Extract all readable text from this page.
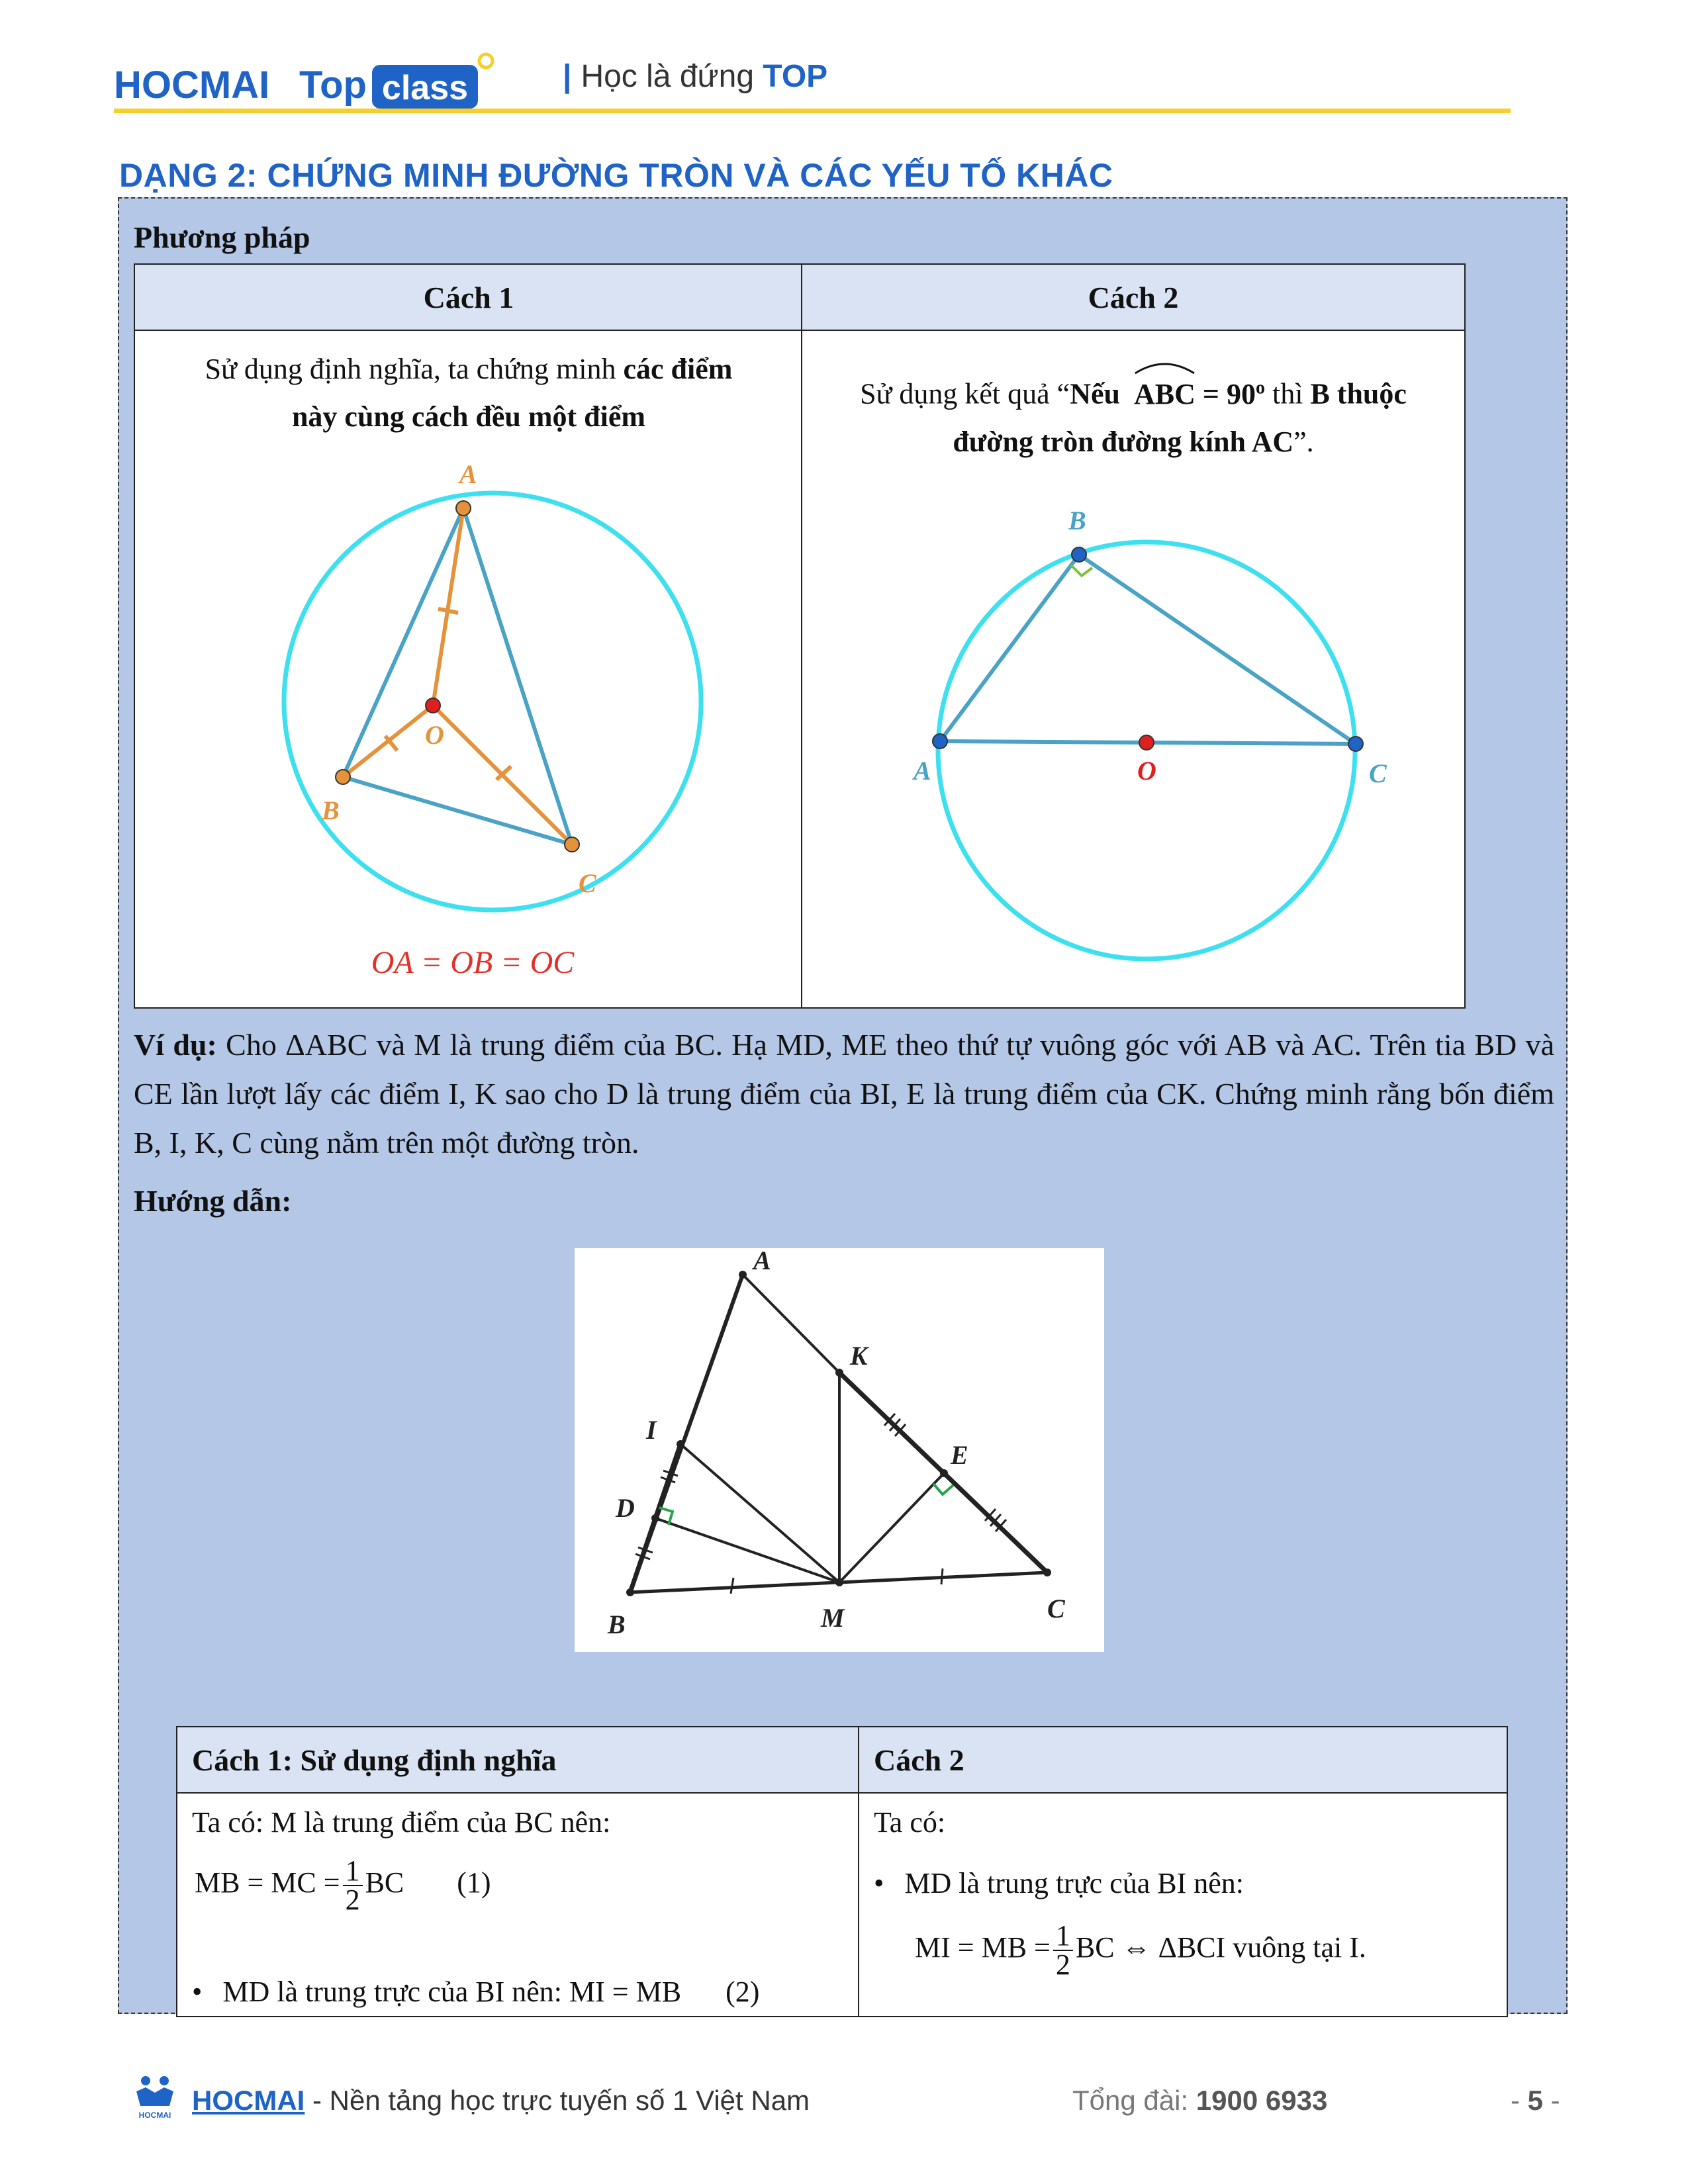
HOCMAI Top class	| Học là đứng TOP
DẠNG 2: CHỨNG MINH ĐƯỜNG TRÒN VÀ CÁC YẾU TỐ KHÁC
Phương pháp
Cách 1	Cách 2
Sử dụng định nghĩa, ta chứng minh các điểm
này cùng cách đều một điểm
A
B
C
O
OA = OB = OC
Sử dụng kết quả “Nếu ABC = $90^o$ thì B thuộc
đường tròn đường kính AC”.
A
B
C
O
Ví dụ: Cho ΔABC và M là trung điểm của BC. Hạ MD, ME theo thứ tự vuông góc với AB và AC. Trên tia BD và CE lần lượt lấy các điểm I, K sao cho D là trung điểm của BI, E là trung điểm của CK. Chứng minh rằng bốn điểm B, I, K, C cùng nằm trên một đường tròn.
Hướng dẫn:
A
K
E
I
D
B	M	C
Cách 1: Sử dụng định nghĩa	Cách 2
Ta có: M là trung điểm của BC nên:
MB = MC = $\frac{1}{2}$ BC (1)
• MD là trung trực của BI nên: MI = MB (2)
Ta có:
• MD là trung trực của BI nên:
MI = MB = $\frac{1}{2}$ BC ⇔ ΔBCI vuông tại I.
HOCMAI HOCMAI - Nền tảng học trực tuyến số 1 Việt Nam	Tổng đài: 1900 6933	- 5 -
